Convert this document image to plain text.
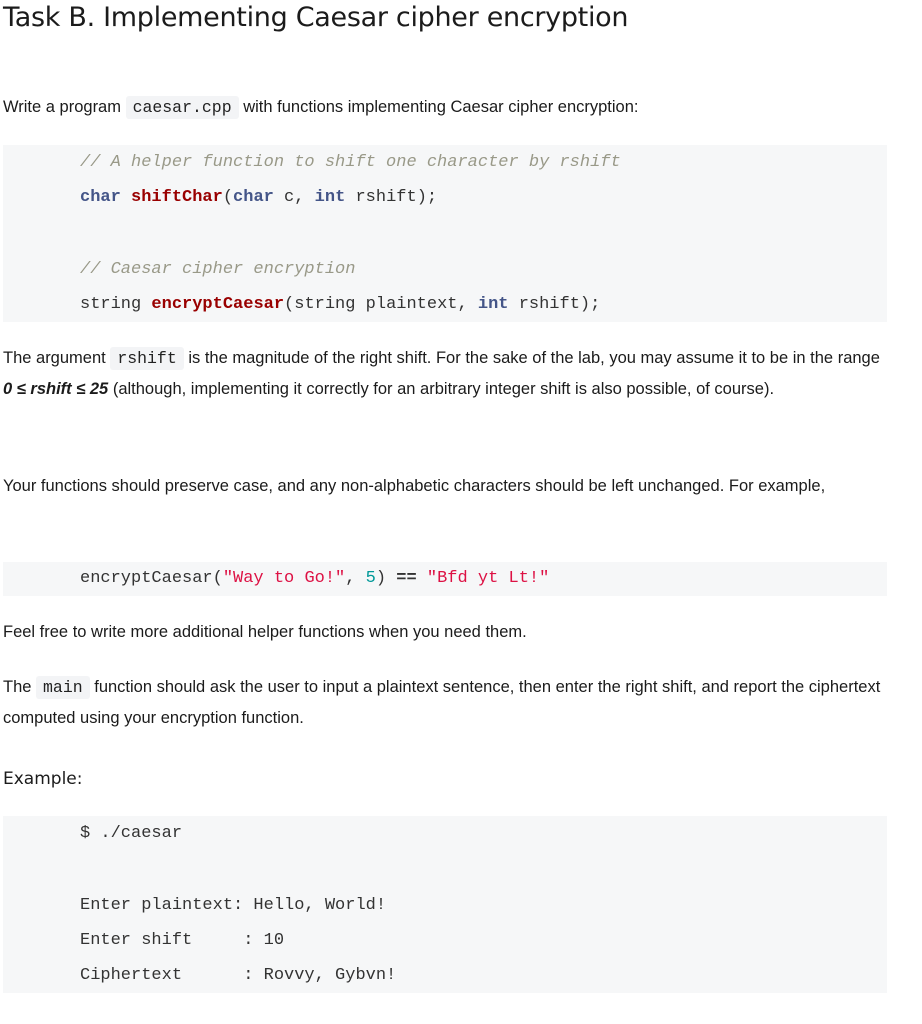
Task B. Implementing Caesar cipher encryption

Write a program caesar.cpp with functions implementing Caesar cipher encryption:

// A helper function to shift one character by rshift
char shiftChar(char c, int rshift);
// Caesar cipher encryption
string encryptCaesar(string plaintext, int rshift);

The argument rshift is the magnitude of the right shift. For the sake of the lab, you may assume it to be in the range 0 ≤ rshift ≤ 25 (although, implementing it correctly for an arbitrary integer shift is also possible, of course).

Your functions should preserve case, and any non-alphabetic characters should be left unchanged. For example,

encryptCaesar("Way to Go!", 5) == "Bfd yt Lt!"

Feel free to write more additional helper functions when you need them.

The main function should ask the user to input a plaintext sentence, then enter the right shift, and report the ciphertext computed using your encryption function.

Example:
$ ./caesar
Enter plaintext: Hello, World!
Enter shift     : 10
Ciphertext      : Rovvy, Gybvn!
